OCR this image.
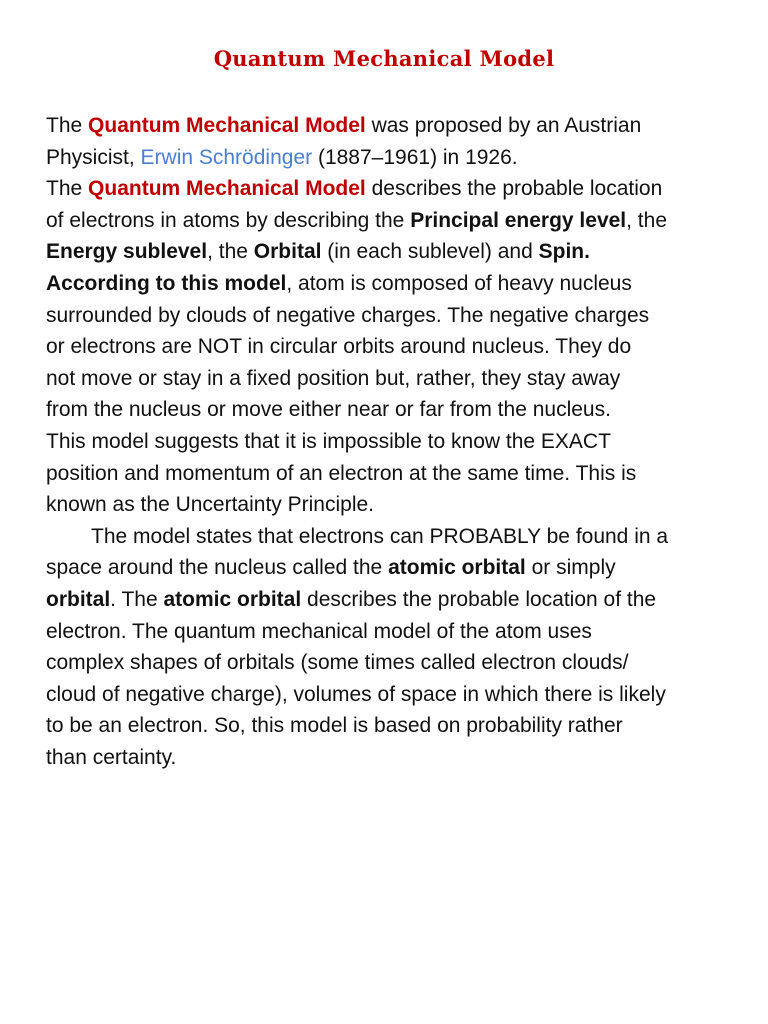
Quantum Mechanical Model
The Quantum Mechanical Model was proposed by an Austrian
Physicist, Erwin Schrödinger (1887–1961) in 1926.
The Quantum Mechanical Model describes the probable location
of electrons in atoms by describing the Principal energy level, the
Energy sublevel, the Orbital (in each sublevel) and Spin.
According to this model, atom is composed of heavy nucleus
surrounded by clouds of negative charges. The negative charges
or electrons are NOT in circular orbits around nucleus. They do
not move or stay in a fixed position but, rather, they stay away
from the nucleus or move either near or far from the nucleus.
This model suggests that it is impossible to know the EXACT
position and momentum of an electron at the same time. This is
known as the Uncertainty Principle.
The model states that electrons can PROBABLY be found in a
space around the nucleus called the atomic orbital or simply
orbital. The atomic orbital describes the probable location of the
electron. The quantum mechanical model of the atom uses
complex shapes of orbitals (some times called electron clouds/
cloud of negative charge), volumes of space in which there is likely
to be an electron. So, this model is based on probability rather
than certainty.
